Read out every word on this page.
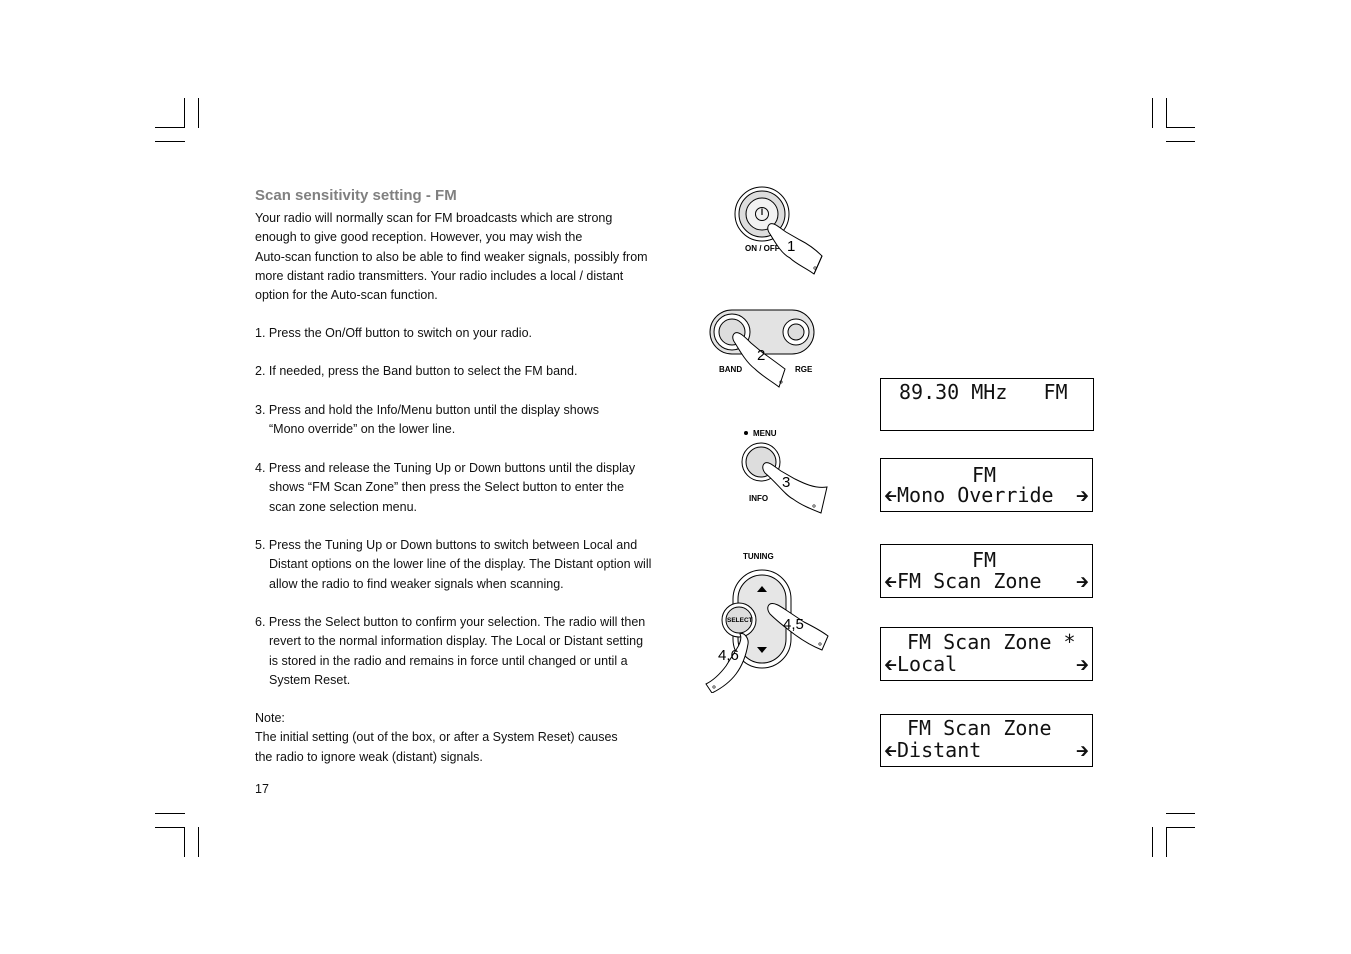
Scan sensitivity setting - FM
Your radio will normally scan for FM broadcasts which are strong
enough to give good reception. However, you may wish the
Auto-scan function to also be able to find weaker signals, possibly from
more distant radio transmitters. Your radio includes a local / distant
option for the Auto-scan function.
1. Press the On/Off button to switch on your radio.
2. If needed, press the Band button to select the FM band.
3. Press and hold the Info/Menu button until the display shows
“Mono override” on the lower line.
4. Press and release the Tuning Up or Down buttons until the display
shows “FM Scan Zone” then press the Select button to enter the
scan zone selection menu.
5. Press the Tuning Up or Down buttons to switch between Local and
Distant options on the lower line of the display. The Distant option will
allow the radio to find weaker signals when scanning.
6. Press the Select button to confirm your selection. The radio will then
revert to the normal information display. The Local or Distant setting
is stored in the radio and remains in force until changed or until a
System Reset.
Note:
The initial setting (out of the box, or after a System Reset) causes
the radio to ignore weak (distant) signals.
17
ON / OFF 1
BAND	RGE
2
MENU
INFO
3
TUNING
SELECT 4,5
4,6
89.30 MHz   FM
FM
🡰 Mono Override 🡲
FM
🡰 FM Scan Zone 🡲
FM Scan Zone *
🡰 Local	🡲
FM Scan Zone
🡰 Distant	🡲
